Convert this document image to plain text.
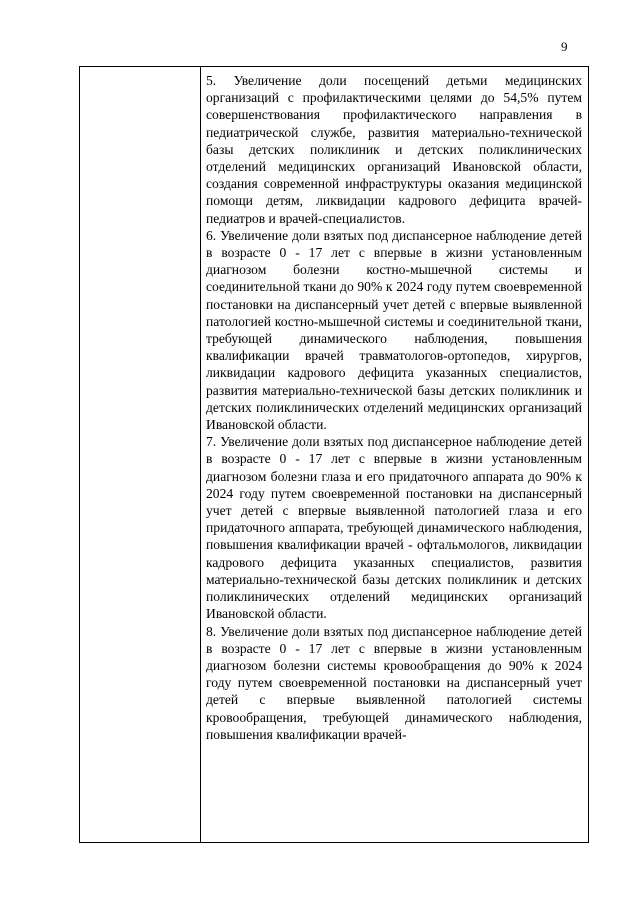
9

5. Увеличение доли посещений детьми медицинских организаций с профилактическими целями до 54,5% путем совершенствования профилактического направления в педиатрической службе, развития материально-технической базы детских поликлиник и детских поликлинических отделений медицинских организаций Ивановской области, создания современной инфраструктуры оказания медицинской помощи детям, ликвидации кадрового дефицита врачей-педиатров и врачей-специалистов.

6. Увеличение доли взятых под диспансерное наблюдение детей в возрасте 0 - 17 лет с впервые в жизни установленным диагнозом болезни костно-мышечной системы и соединительной ткани до 90% к 2024 году путем своевременной постановки на диспансерный учет детей с впервые выявленной патологией костно-мышечной системы и соединительной ткани, требующей динамического наблюдения, повышения квалификации врачей травматологов-ортопедов, хирургов, ликвидации кадрового дефицита указанных специалистов, развития материально-технической базы детских поликлиник и детских поликлинических отделений медицинских организаций Ивановской области.

7. Увеличение доли взятых под диспансерное наблюдение детей в возрасте 0 - 17 лет с впервые в жизни установленным диагнозом болезни глаза и его придаточного аппарата до 90% к 2024 году путем своевременной постановки на диспансерный учет детей с впервые выявленной патологией глаза и его придаточного аппарата, требующей динамического наблюдения, повышения квалификации врачей - офтальмологов, ликвидации кадрового дефицита указанных специалистов, развития материально-технической базы детских поликлиник и детских поликлинических отделений медицинских организаций Ивановской области.

8. Увеличение доли взятых под диспансерное наблюдение детей в возрасте 0 - 17 лет с впервые в жизни установленным диагнозом болезни системы кровообращения до 90% к 2024 году путем своевременной постановки на диспансерный учет детей с впервые выявленной патологией системы кровообращения, требующей динамического наблюдения, повышения квалификации врачей-
